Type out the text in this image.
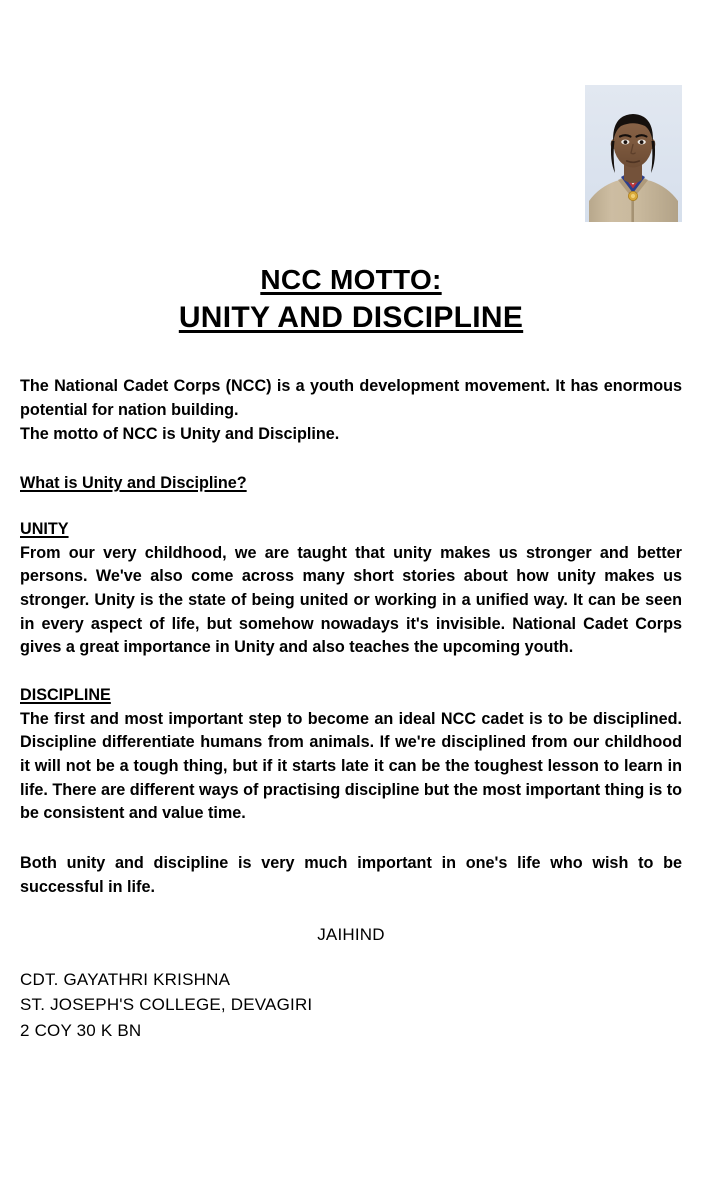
NCC MOTTO:
UNITY AND DISCIPLINE

The National Cadet Corps (NCC) is a youth development movement. It has enormous potential for nation building.

The motto of NCC is Unity and Discipline.

What is Unity and Discipline?

UNITY

From our very childhood, we are taught that unity makes us stronger and better persons. We've also come across many short stories about how unity makes us stronger. Unity is the state of being united or working in a unified way. It can be seen in every aspect of life, but somehow nowadays it's invisible. National Cadet Corps gives a great importance in Unity and also teaches the upcoming youth.

DISCIPLINE

The first and most important step to become an ideal NCC cadet is to be disciplined. Discipline differentiate humans from animals. If we're disciplined from our childhood it will not be a tough thing, but if it starts late it can be the toughest lesson to learn in life. There are different ways of practising discipline but the most important thing is to be consistent and value time.

Both unity and discipline is very much important in one's life who wish to be successful in life.

JAIHIND
CDT. GAYATHRI KRISHNA
ST. JOSEPH'S COLLEGE, DEVAGIRI
2 COY 30 K BN
